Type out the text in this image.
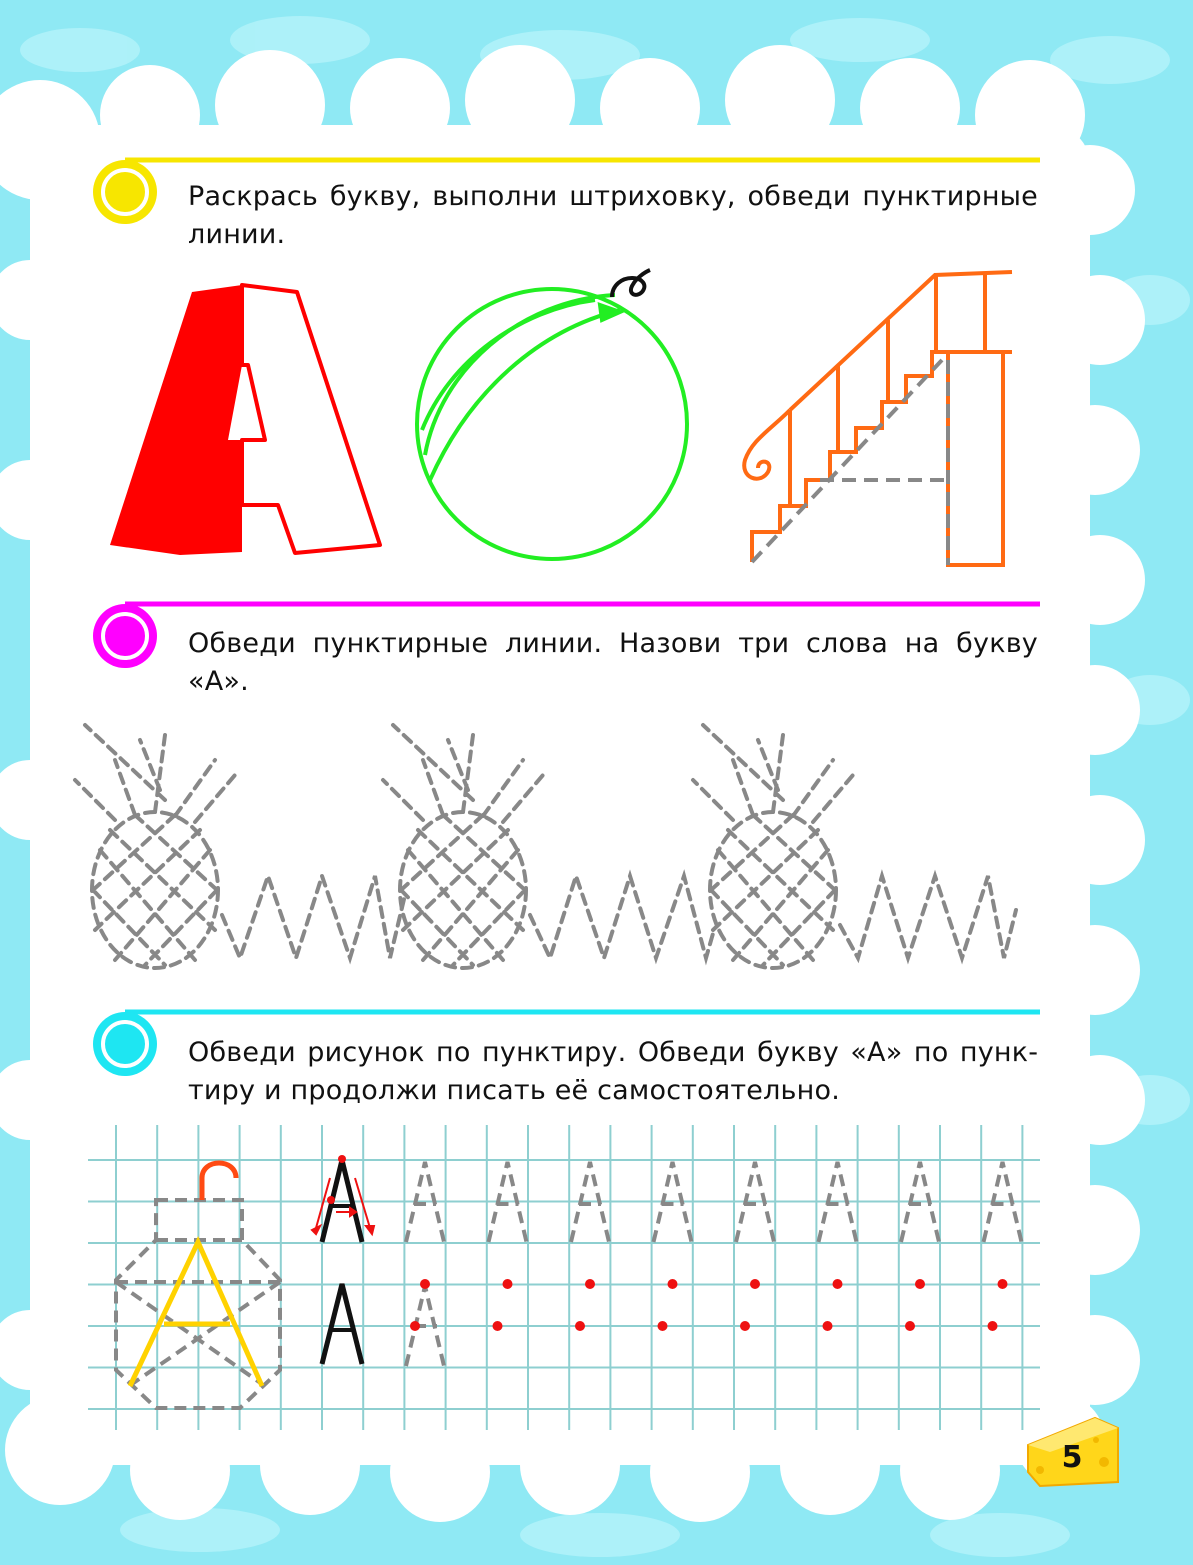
Раскрась букву, выполни штриховку, обведи пунктирные линии.
Обведи пунктирные линии. Назови три слова на букву «А».
Обведи рисунок по пунктиру. Обведи букву «А» по пунктиру и продолжи писать её самостоятельно.
5
